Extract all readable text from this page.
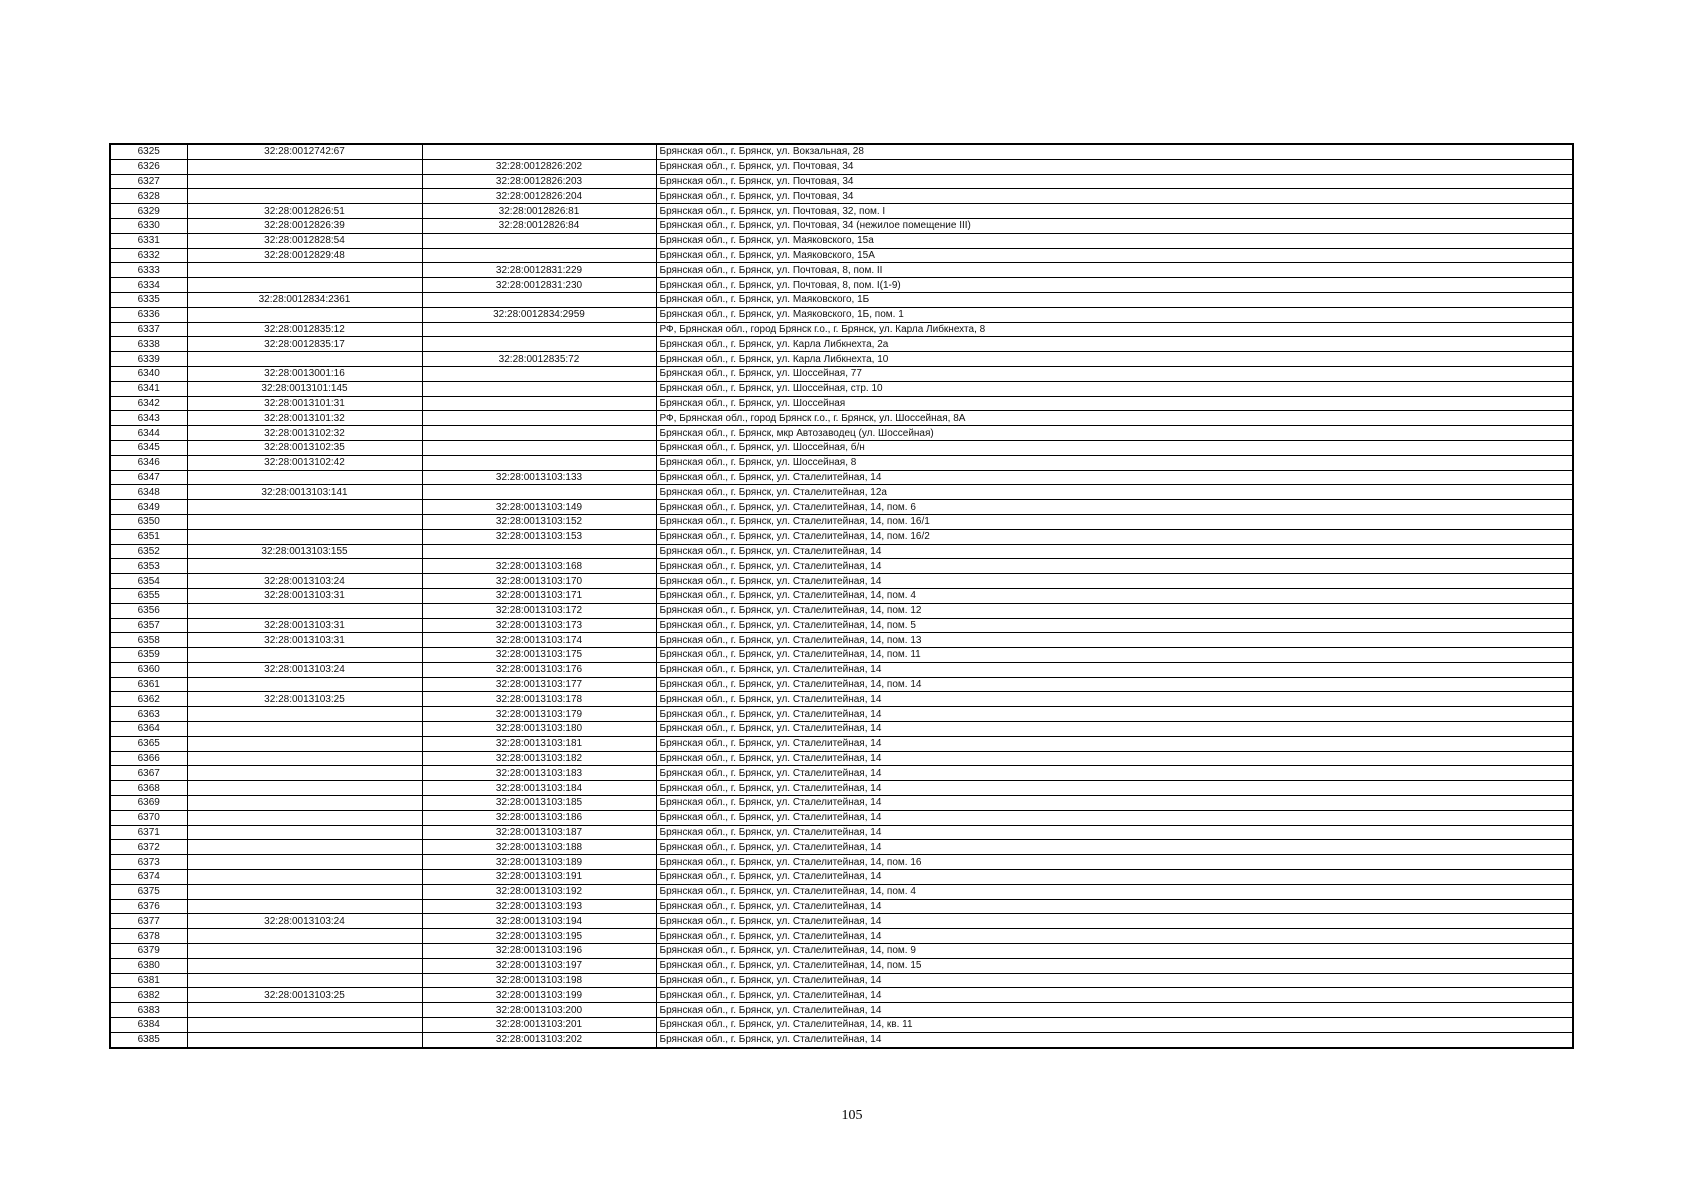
6325	32:28:0012742:67		Брянская обл., г. Брянск, ул. Вокзальная, 28
6326		32:28:0012826:202	Брянская обл., г. Брянск, ул. Почтовая, 34
6327		32:28:0012826:203	Брянская обл., г. Брянск, ул. Почтовая, 34
6328		32:28:0012826:204	Брянская обл., г. Брянск, ул. Почтовая, 34
6329	32:28:0012826:51	32:28:0012826:81	Брянская обл., г. Брянск, ул. Почтовая, 32, пом. I
6330	32:28:0012826:39	32:28:0012826:84	Брянская обл., г. Брянск, ул. Почтовая, 34 (нежилое помещение III)
6331	32:28:0012828:54		Брянская обл., г. Брянск, ул. Маяковского, 15а
6332	32:28:0012829:48		Брянская обл., г. Брянск, ул. Маяковского, 15А
6333		32:28:0012831:229	Брянская обл., г. Брянск, ул. Почтовая, 8, пом. II
6334		32:28:0012831:230	Брянская обл., г. Брянск, ул. Почтовая, 8, пом. I(1-9)
6335	32:28:0012834:2361		Брянская обл., г. Брянск, ул. Маяковского, 1Б
6336		32:28:0012834:2959	Брянская обл., г. Брянск, ул. Маяковского, 1Б, пом. 1
6337	32:28:0012835:12		РФ, Брянская обл., город Брянск г.о., г. Брянск, ул. Карла Либкнехта, 8
6338	32:28:0012835:17		Брянская обл., г. Брянск, ул. Карла Либкнехта, 2а
6339		32:28:0012835:72	Брянская обл., г. Брянск, ул. Карла Либкнехта, 10
6340	32:28:0013001:16		Брянская обл., г. Брянск, ул. Шоссейная, 77
6341	32:28:0013101:145		Брянская обл., г. Брянск, ул. Шоссейная, стр. 10
6342	32:28:0013101:31		Брянская обл., г. Брянск, ул. Шоссейная
6343	32:28:0013101:32		РФ, Брянская обл., город Брянск г.о., г. Брянск, ул. Шоссейная, 8А
6344	32:28:0013102:32		Брянская обл., г. Брянск, мкр Автозаводец (ул. Шоссейная)
6345	32:28:0013102:35		Брянская обл., г. Брянск, ул. Шоссейная, б/н
6346	32:28:0013102:42		Брянская обл., г. Брянск, ул. Шоссейная, 8
6347		32:28:0013103:133	Брянская обл., г. Брянск, ул. Сталелитейная, 14
6348	32:28:0013103:141		Брянская обл., г. Брянск, ул. Сталелитейная, 12а
6349		32:28:0013103:149	Брянская обл., г. Брянск, ул. Сталелитейная, 14, пом. 6
6350		32:28:0013103:152	Брянская обл., г. Брянск, ул. Сталелитейная, 14, пом. 16/1
6351		32:28:0013103:153	Брянская обл., г. Брянск, ул. Сталелитейная, 14, пом. 16/2
6352	32:28:0013103:155		Брянская обл., г. Брянск, ул. Сталелитейная, 14
6353		32:28:0013103:168	Брянская обл., г. Брянск, ул. Сталелитейная, 14
6354	32:28:0013103:24	32:28:0013103:170	Брянская обл., г. Брянск, ул. Сталелитейная, 14
6355	32:28:0013103:31	32:28:0013103:171	Брянская обл., г. Брянск, ул. Сталелитейная, 14, пом. 4
6356		32:28:0013103:172	Брянская обл., г. Брянск, ул. Сталелитейная, 14, пом. 12
6357	32:28:0013103:31	32:28:0013103:173	Брянская обл., г. Брянск, ул. Сталелитейная, 14, пом. 5
6358	32:28:0013103:31	32:28:0013103:174	Брянская обл., г. Брянск, ул. Сталелитейная, 14, пом. 13
6359		32:28:0013103:175	Брянская обл., г. Брянск, ул. Сталелитейная, 14, пом. 11
6360	32:28:0013103:24	32:28:0013103:176	Брянская обл., г. Брянск, ул. Сталелитейная, 14
6361		32:28:0013103:177	Брянская обл., г. Брянск, ул. Сталелитейная, 14, пом. 14
6362	32:28:0013103:25	32:28:0013103:178	Брянская обл., г. Брянск, ул. Сталелитейная, 14
6363		32:28:0013103:179	Брянская обл., г. Брянск, ул. Сталелитейная, 14
6364		32:28:0013103:180	Брянская обл., г. Брянск, ул. Сталелитейная, 14
6365		32:28:0013103:181	Брянская обл., г. Брянск, ул. Сталелитейная, 14
6366		32:28:0013103:182	Брянская обл., г. Брянск, ул. Сталелитейная, 14
6367		32:28:0013103:183	Брянская обл., г. Брянск, ул. Сталелитейная, 14
6368		32:28:0013103:184	Брянская обл., г. Брянск, ул. Сталелитейная, 14
6369		32:28:0013103:185	Брянская обл., г. Брянск, ул. Сталелитейная, 14
6370		32:28:0013103:186	Брянская обл., г. Брянск, ул. Сталелитейная, 14
6371		32:28:0013103:187	Брянская обл., г. Брянск, ул. Сталелитейная, 14
6372		32:28:0013103:188	Брянская обл., г. Брянск, ул. Сталелитейная, 14
6373		32:28:0013103:189	Брянская обл., г. Брянск, ул. Сталелитейная, 14, пом. 16
6374		32:28:0013103:191	Брянская обл., г. Брянск, ул. Сталелитейная, 14
6375		32:28:0013103:192	Брянская обл., г. Брянск, ул. Сталелитейная, 14, пом. 4
6376		32:28:0013103:193	Брянская обл., г. Брянск, ул. Сталелитейная, 14
6377	32:28:0013103:24	32:28:0013103:194	Брянская обл., г. Брянск, ул. Сталелитейная, 14
6378		32:28:0013103:195	Брянская обл., г. Брянск, ул. Сталелитейная, 14
6379		32:28:0013103:196	Брянская обл., г. Брянск, ул. Сталелитейная, 14, пом. 9
6380		32:28:0013103:197	Брянская обл., г. Брянск, ул. Сталелитейная, 14, пом. 15
6381		32:28:0013103:198	Брянская обл., г. Брянск, ул. Сталелитейная, 14
6382	32:28:0013103:25	32:28:0013103:199	Брянская обл., г. Брянск, ул. Сталелитейная, 14
6383		32:28:0013103:200	Брянская обл., г. Брянск, ул. Сталелитейная, 14
6384		32:28:0013103:201	Брянская обл., г. Брянск, ул. Сталелитейная, 14, кв. 11
6385		32:28:0013103:202	Брянская обл., г. Брянск, ул. Сталелитейная, 14
105
